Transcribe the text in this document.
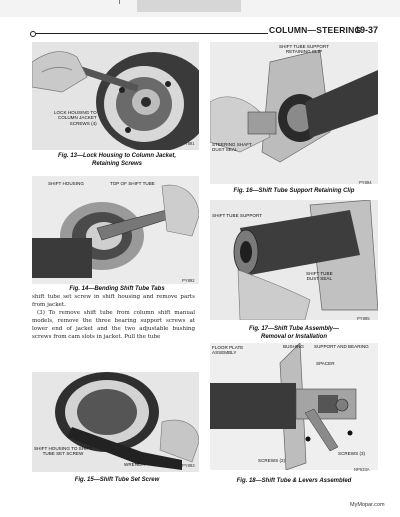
COLUMN—STEERING
19-37
LOCK HOUSING TO
COLUMN JACKET
SCREWS (4)
PY891
Fig. 13—Lock Housing to Column Jacket,
Retaining Screws
SHIFT HOUSING	TOP OF SHIFT TUBE
PY892
Fig. 14—Bending Shift Tube Tabs

shift tube set screw in shift housing and remove parts from jacket.

(3) To remove shift tube from column shift manual models, remove the three bearing support screws at lower end of jacket and the two adjustable bushing screws from cam slots in jacket. Pull the tube

SHIFT HOUSING TO SHIFT
TUBE SET SCREW
WRENCH	PY893
Fig. 15—Shift Tube Set Screw
SHIFT TUBE SUPPORT
RETAINING CLIP
STEERING SHAFT
DUST SEAL
PY894
Fig. 16—Shift Tube Support Retaining Clip
SHIFT TUBE SUPPORT
SHIFT TUBE
DUST SEAL
PY895
Fig. 17—Shift Tube Assembly—
Removal or Installation
FLOOR PLATE
ASSEMBLY
BUSHING SUPPORT AND BEARING
SPACER
SCREWS (3)
SCREWS (2)
NP533A
Fig. 18—Shift Tube & Levers Assembled
MyMopar.com
